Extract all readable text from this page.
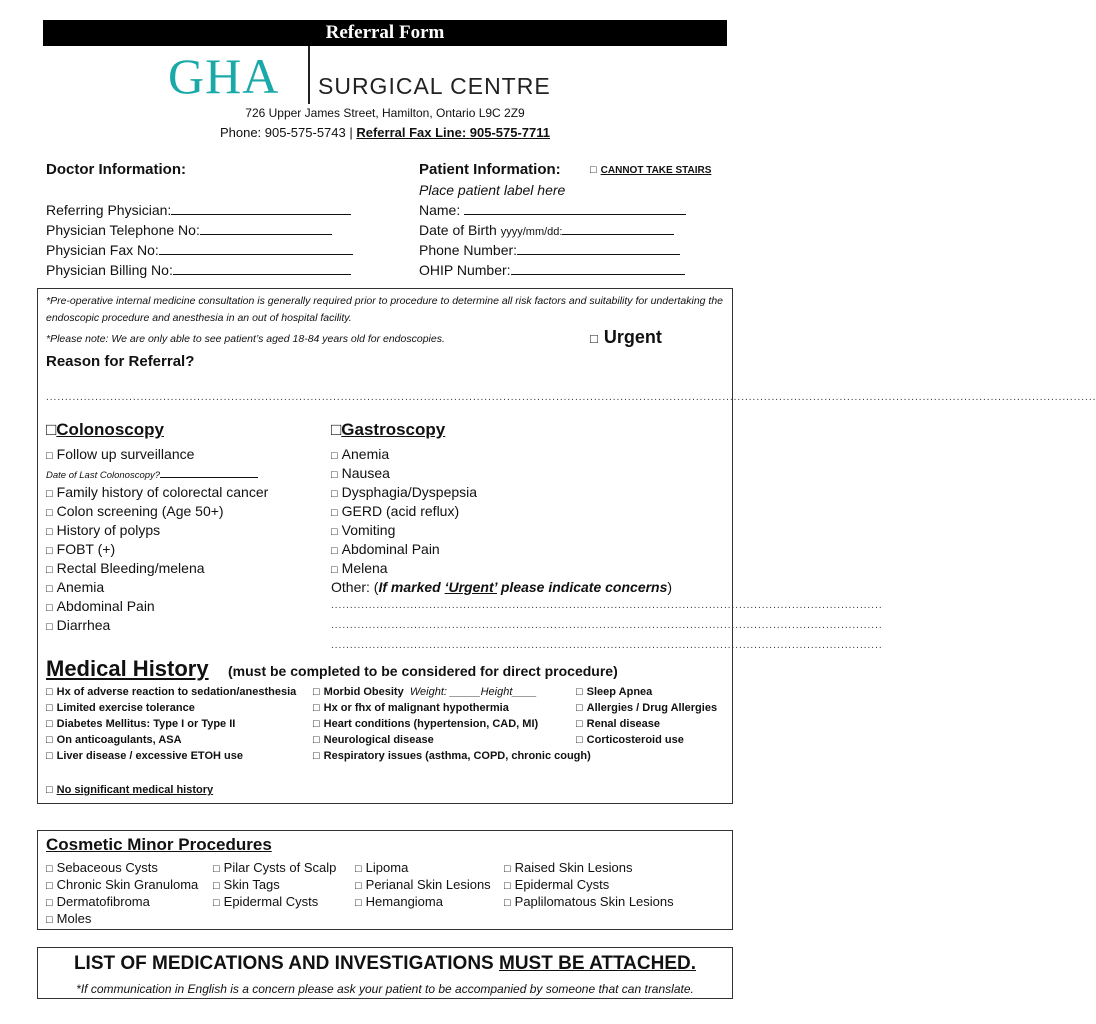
Referral Form
GHA SURGICAL CENTRE
726 Upper James Street, Hamilton, Ontario L9C 2Z9
Phone: 905-575-5743 | Referral Fax Line: 905-575-7711
Doctor Information:
Referring Physician:
Physician Telephone No:
Physician Fax No:
Physician Billing No:
Patient Information:	□ CANNOT TAKE STAIRS
Place patient label here
Name:
Date of Birth yyyy/mm/dd:
Phone Number:
OHIP Number:
*Pre-operative internal medicine consultation is generally required prior to procedure to determine all risk factors and suitability for undertaking the endoscopic procedure and anesthesia in an out of hospital facility.
*Please note: We are only able to see patient’s aged 18-84 years old for endoscopies.	□ Urgent
Reason for Referral?
......................................................................................................................................................................................................................................................................................
□Colonoscopy
□ Follow up surveillance
Date of Last Colonoscopy?
□ Family history of colorectal cancer
□ Colon screening (Age 50+)
□ History of polyps
□ FOBT (+)
□ Rectal Bleeding/melena
□ Anemia
□ Abdominal Pain
□ Diarrhea
□Gastroscopy
□ Anemia
□ Nausea
□ Dysphagia/Dyspepsia
□ GERD (acid reflux)
□ Vomiting
□ Abdominal Pain
□ Melena
Other: (If marked ‘Urgent’ please indicate concerns)
..................................................................................................................................................
..................................................................................................................................................
..................................................................................................................................................
Medical History (must be completed to be considered for direct procedure)
□ Hx of adverse reaction to sedation/anesthesia
□ Limited exercise tolerance
□ Diabetes Mellitus: Type I or Type II
□ On anticoagulants, ASA
□ Liver disease / excessive ETOH use
□ Morbid Obesity Weight: _____Height____
□ Hx or fhx of malignant hypothermia
□ Heart conditions (hypertension, CAD, MI)
□ Neurological disease
□ Respiratory issues (asthma, COPD, chronic cough)
□ Sleep Apnea
□ Allergies / Drug Allergies
□ Renal disease
□ Corticosteroid use
□ No significant medical history
Cosmetic Minor Procedures
□ Sebaceous Cysts
□ Chronic Skin Granuloma
□ Dermatofibroma
□ Moles
□ Pilar Cysts of Scalp
□ Skin Tags
□ Epidermal Cysts
□ Lipoma
□ Perianal Skin Lesions
□ Hemangioma
□ Raised Skin Lesions
□ Epidermal Cysts
□ Paplilomatous Skin Lesions
LIST OF MEDICATIONS AND INVESTIGATIONS MUST BE ATTACHED.
*If communication in English is a concern please ask your patient to be accompanied by someone that can translate.
